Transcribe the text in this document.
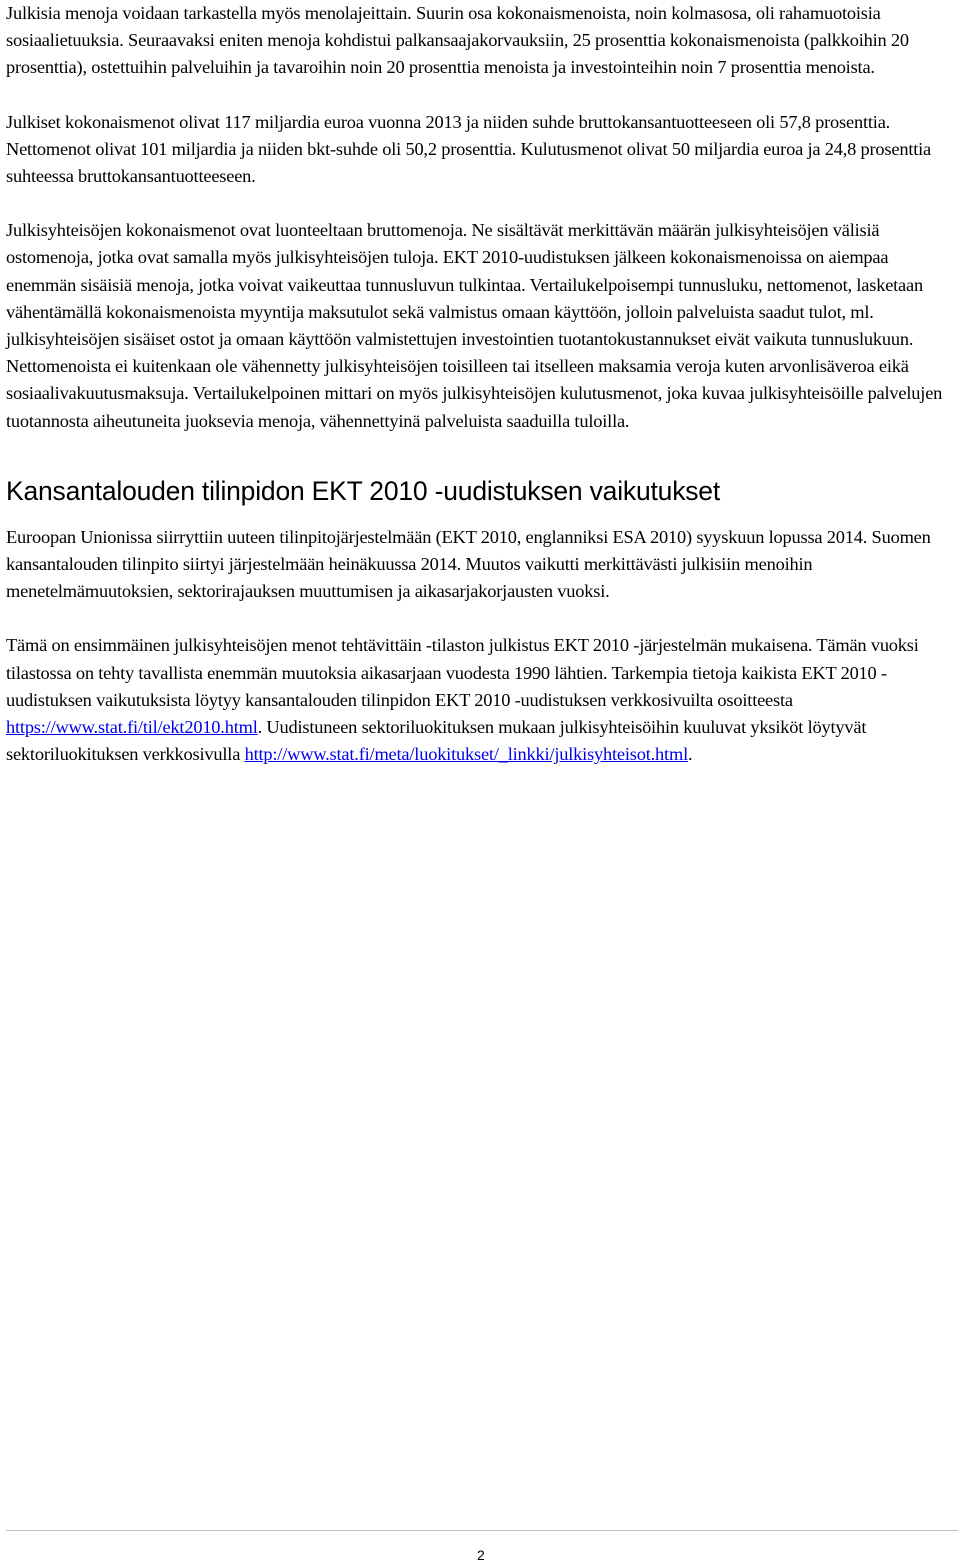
Julkisia menoja voidaan tarkastella myös menolajeittain. Suurin osa kokonaismenoista, noin kolmasosa, oli rahamuotoisia sosiaalietuuksia. Seuraavaksi eniten menoja kohdistui palkansaajakorvauksiin, 25 prosenttia kokonaismenoista (palkkoihin 20 prosenttia), ostettuihin palveluihin ja tavaroihin noin 20 prosenttia menoista ja investointeihin noin 7 prosenttia menoista.

Julkiset kokonaismenot olivat 117 miljardia euroa vuonna 2013 ja niiden suhde bruttokansantuotteeseen oli 57,8 prosenttia. Nettomenot olivat 101 miljardia ja niiden bkt-suhde oli 50,2 prosenttia. Kulutusmenot olivat 50 miljardia euroa ja 24,8 prosenttia suhteessa bruttokansantuotteeseen.

Julkisyhteisöjen kokonaismenot ovat luonteeltaan bruttomenoja. Ne sisältävät merkittävän määrän julkisyhteisöjen välisiä ostomenoja, jotka ovat samalla myös julkisyhteisöjen tuloja. EKT 2010-uudistuksen jälkeen kokonaismenoissa on aiempaa enemmän sisäisiä menoja, jotka voivat vaikeuttaa tunnusluvun tulkintaa. Vertailukelpoisempi tunnusluku, nettomenot, lasketaan vähentämällä kokonaismenoista myyntija maksutulot sekä valmistus omaan käyttöön, jolloin palveluista saadut tulot, ml. julkisyhteisöjen sisäiset ostot ja omaan käyttöön valmistettujen investointien tuotantokustannukset eivät vaikuta tunnuslukuun. Nettomenoista ei kuitenkaan ole vähennetty julkisyhteisöjen toisilleen tai itselleen maksamia veroja kuten arvonlisäveroa eikä sosiaalivakuutusmaksuja. Vertailukelpoinen mittari on myös julkisyhteisöjen kulutusmenot, joka kuvaa julkisyhteisöille palvelujen tuotannosta aiheutuneita juoksevia menoja, vähennettyinä palveluista saaduilla tuloilla.

Kansantalouden tilinpidon EKT 2010 -uudistuksen vaikutukset

Euroopan Unionissa siirryttiin uuteen tilinpitojärjestelmään (EKT 2010, englanniksi ESA 2010) syyskuun lopussa 2014. Suomen kansantalouden tilinpito siirtyi järjestelmään heinäkuussa 2014. Muutos vaikutti merkittävästi julkisiin menoihin menetelmämuutoksien, sektorirajauksen muuttumisen ja aikasarjakorjausten vuoksi.

Tämä on ensimmäinen julkisyhteisöjen menot tehtävittäin -tilaston julkistus EKT 2010 -järjestelmän mukaisena. Tämän vuoksi tilastossa on tehty tavallista enemmän muutoksia aikasarjaan vuodesta 1990 lähtien. Tarkempia tietoja kaikista EKT 2010 -uudistuksen vaikutuksista löytyy kansantalouden tilinpidon EKT 2010 -uudistuksen verkkosivuilta osoitteesta https://www.stat.fi/til/ekt2010.html. Uudistuneen sektoriluokituksen mukaan julkisyhteisöihin kuuluvat yksiköt löytyvät sektoriluokituksen verkkosivulla http://www.stat.fi/meta/luokitukset/_linkki/julkisyhteisot.html.

2
